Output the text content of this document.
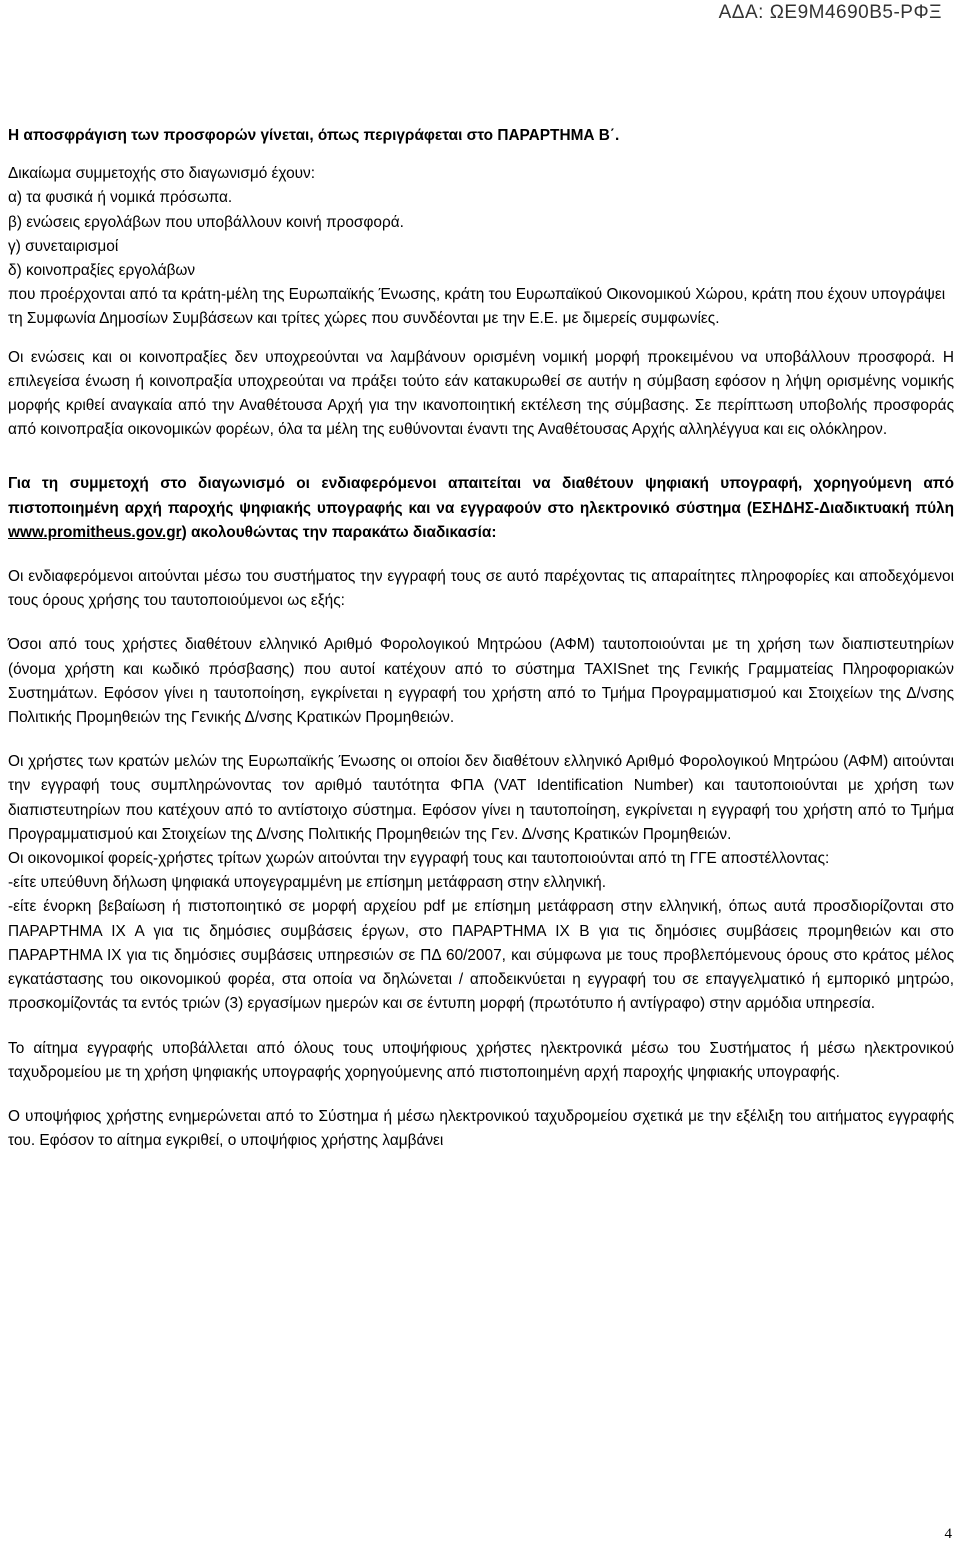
ΑΔΑ: ΩΕ9Μ4690Β5-ΡΦΞ

Η αποσφράγιση των προσφορών γίνεται, όπως περιγράφεται στο ΠΑΡΑΡΤΗΜΑ Β΄.

Δικαίωμα συμμετοχής στο διαγωνισμό έχουν:

α) τα φυσικά ή νομικά πρόσωπα.

β) ενώσεις εργολάβων που υποβάλλουν κοινή προσφορά.

γ) συνεταιρισμοί

δ) κοινοπραξίες εργολάβων

που προέρχονται από τα κράτη-μέλη της Ευρωπαϊκής Ένωσης, κράτη του Ευρωπαϊκού Οικονομικού Χώρου, κράτη που έχουν υπογράψει τη Συμφωνία Δημοσίων Συμβάσεων και τρίτες χώρες που συνδέονται με την Ε.Ε. με διμερείς συμφωνίες.

Οι ενώσεις και οι κοινοπραξίες δεν υποχρεούνται να λαμβάνουν ορισμένη νομική μορφή προκειμένου να υποβάλλουν προσφορά. Η επιλεγείσα ένωση ή κοινοπραξία υποχρεούται να πράξει τούτο εάν κατακυρωθεί σε αυτήν η σύμβαση εφόσον η λήψη ορισμένης νομικής μορφής κριθεί αναγκαία από την Αναθέτουσα Αρχή για την ικανοποιητική εκτέλεση της σύμβασης. Σε περίπτωση υποβολής προσφοράς από κοινοπραξία οικονομικών φορέων, όλα τα μέλη της ευθύνονται έναντι της Αναθέτουσας Αρχής αλληλέγγυα και εις ολόκληρον.

Για τη συμμετοχή στο διαγωνισμό οι ενδιαφερόμενοι απαιτείται να διαθέτουν ψηφιακή υπογραφή, χορηγούμενη από πιστοποιημένη αρχή παροχής ψηφιακής υπογραφής και να εγγραφούν στο ηλεκτρονικό σύστημα (ΕΣΗΔΗΣ-Διαδικτυακή πύλη www.promitheus.gov.gr) ακολουθώντας την παρακάτω διαδικασία:

Οι ενδιαφερόμενοι αιτούνται μέσω του συστήματος την εγγραφή τους σε αυτό παρέχοντας τις απαραίτητες πληροφορίες και αποδεχόμενοι τους όρους χρήσης του ταυτοποιούμενοι ως εξής:

Όσοι από τους χρήστες διαθέτουν ελληνικό Αριθμό Φορολογικού Μητρώου (ΑΦΜ) ταυτοποιούνται με τη χρήση των διαπιστευτηρίων (όνομα χρήστη και κωδικό πρόσβασης) που αυτοί κατέχουν από το σύστημα TAXISnet της Γενικής Γραμματείας Πληροφοριακών Συστημάτων. Εφόσον γίνει η ταυτοποίηση, εγκρίνεται η εγγραφή του χρήστη από το Τμήμα Προγραμματισμού και Στοιχείων της Δ/νσης Πολιτικής Προμηθειών της Γενικής Δ/νσης Κρατικών Προμηθειών.

Οι χρήστες των κρατών μελών της Ευρωπαϊκής Ένωσης οι οποίοι δεν διαθέτουν ελληνικό Αριθμό Φορολογικού Μητρώου (ΑΦΜ) αιτούνται την εγγραφή τους συμπληρώνοντας τον αριθμό ταυτότητα ΦΠΑ (VAT Identification Number) και ταυτοποιούνται με χρήση των διαπιστευτηρίων που κατέχουν από το αντίστοιχο σύστημα. Εφόσον γίνει η ταυτοποίηση, εγκρίνεται η εγγραφή του χρήστη από το Τμήμα Προγραμματισμού και Στοιχείων της Δ/νσης Πολιτικής Προμηθειών της Γεν. Δ/νσης Κρατικών Προμηθειών.

Οι οικονομικοί φορείς-χρήστες τρίτων χωρών αιτούνται την εγγραφή τους και ταυτοποιούνται από τη ΓΓΕ αποστέλλοντας:

-είτε υπεύθυνη δήλωση ψηφιακά υπογεγραμμένη με επίσημη μετάφραση στην ελληνική.

-είτε ένορκη βεβαίωση ή πιστοποιητικό σε μορφή αρχείου pdf με επίσημη μετάφραση στην ελληνική, όπως αυτά προσδιορίζονται στο ΠΑΡΑΡΤΗΜΑ ΙΧ Α για τις δημόσιες συμβάσεις έργων, στο ΠΑΡΑΡΤΗΜΑ ΙΧ Β για τις δημόσιες συμβάσεις προμηθειών και στο ΠΑΡΑΡΤΗΜΑ ΙΧ για τις δημόσιες συμβάσεις υπηρεσιών σε ΠΔ 60/2007, και σύμφωνα με τους προβλεπόμενους όρους στο κράτος μέλος εγκατάστασης του οικονομικού φορέα, στα οποία να δηλώνεται / αποδεικνύεται η εγγραφή του σε επαγγελματικό ή εμπορικό μητρώο, προσκομίζοντάς τα εντός τριών (3) εργασίμων ημερών και σε έντυπη μορφή (πρωτότυπο ή αντίγραφο) στην αρμόδια υπηρεσία.

Το αίτημα εγγραφής υποβάλλεται από όλους τους υποψήφιους χρήστες ηλεκτρονικά μέσω του Συστήματος ή μέσω ηλεκτρονικού ταχυδρομείου με τη χρήση ψηφιακής υπογραφής χορηγούμενης από πιστοποιημένη αρχή παροχής ψηφιακής υπογραφής.

Ο υποψήφιος χρήστης ενημερώνεται από το Σύστημα ή μέσω ηλεκτρονικού ταχυδρομείου σχετικά με την εξέλιξη του αιτήματος εγγραφής του. Εφόσον το αίτημα εγκριθεί, ο υποψήφιος χρήστης λαμβάνει

4
